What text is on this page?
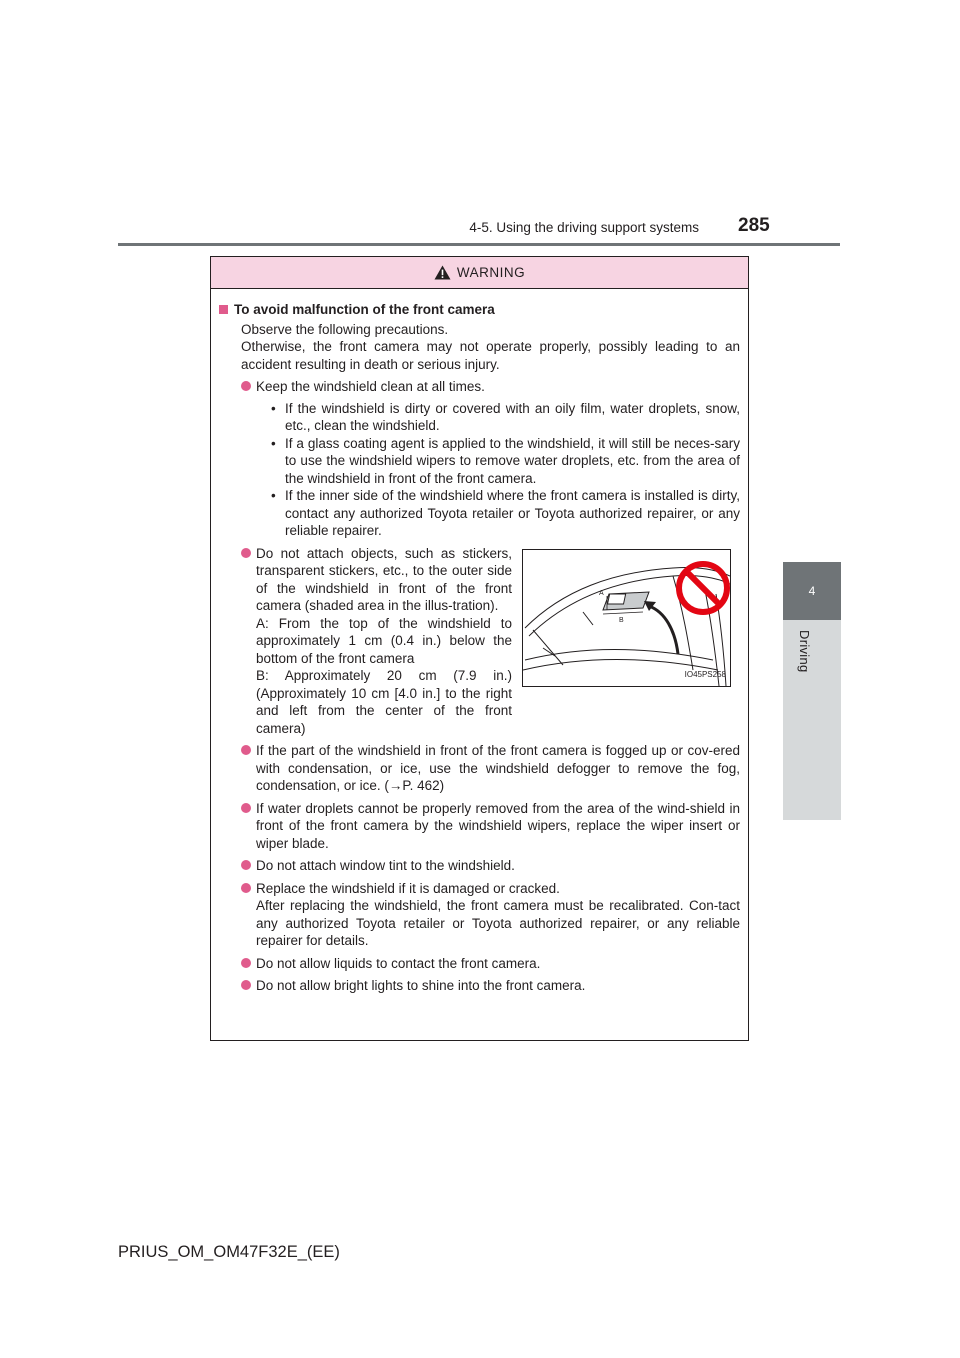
4-5. Using the driving support systems 285
4
Driving
WARNING
To avoid malfunction of the front camera
Observe the following precautions.
Otherwise, the front camera may not operate properly, possibly leading to an accident resulting in death or serious injury.
Keep the windshield clean at all times.
• If the windshield is dirty or covered with an oily film, water droplets, snow, etc., clean the windshield.
• If a glass coating agent is applied to the windshield, it will still be neces-sary to use the windshield wipers to remove water droplets, etc. from the area of the windshield in front of the front camera.
• If the inner side of the windshield where the front camera is installed is dirty, contact any authorized Toyota retailer or Toyota authorized repairer, or any reliable repairer.
Do not attach objects, such as stickers, transparent stickers, etc., to the outer side of the windshield in front of the front camera (shaded area in the illus-tration).
A: From the top of the windshield to approximately 1 cm (0.4 in.) below the bottom of the front camera
B: Approximately 20 cm (7.9 in.) (Approximately 10 cm [4.0 in.] to the right and left from the center of the front camera)
A
B
IO45PS258
If the part of the windshield in front of the front camera is fogged up or cov-ered with condensation, or ice, use the windshield defogger to remove the fog, condensation, or ice. (→P. 462)
If water droplets cannot be properly removed from the area of the wind-shield in front of the front camera by the windshield wipers, replace the wiper insert or wiper blade.
Do not attach window tint to the windshield.
Replace the windshield if it is damaged or cracked.
After replacing the windshield, the front camera must be recalibrated. Con-tact any authorized Toyota retailer or Toyota authorized repairer, or any reliable repairer for details.
Do not allow liquids to contact the front camera.
Do not allow bright lights to shine into the front camera.
PRIUS_OM_OM47F32E_(EE)
